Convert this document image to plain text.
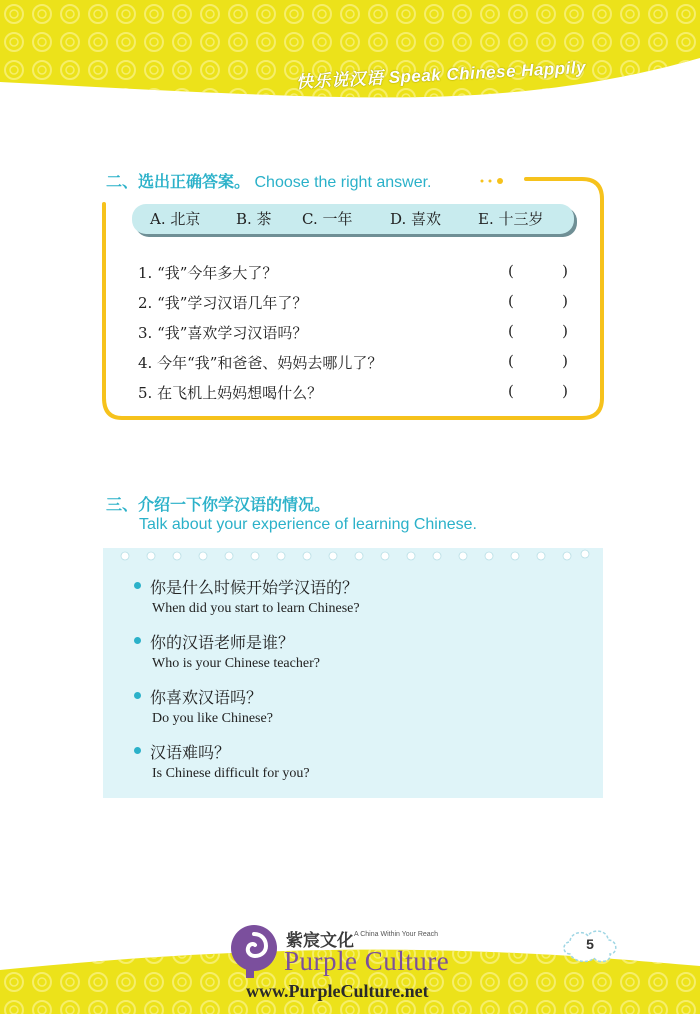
快乐说汉语 Speak Chinese Happily
二、选出正确答案。 Choose the right answer.
A. 北京 B. 茶 C. 一年	D. 喜欢 E. 十三岁
1. “我”今年多大了？	(	)
2. “我”学习汉语几年了？	(	)
3. “我”喜欢学习汉语吗？	(	)
4. 今年“我”和爸爸、妈妈去哪儿了？	(	)
5. 在飞机上妈妈想喝什么？	(	)
三、介绍一下你学汉语的情况。
Talk about your experience of learning Chinese.
你是什么时候开始学汉语的？
When did you start to learn Chinese?
你的汉语老师是谁？
Who is your Chinese teacher?
你喜欢汉语吗？
Do you like Chinese?
汉语难吗？
Is Chinese difficult for you?
5
紫宸文化 A China Within Your Reach
Purple Culture
www.PurpleCulture.net
